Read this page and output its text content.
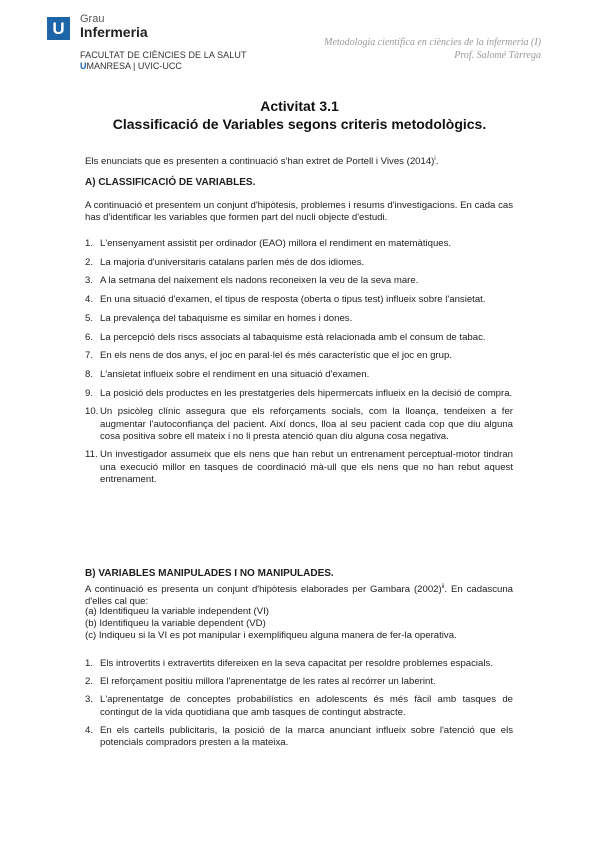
U	Grau
Infermeria
FACULTAT DE CIÈNCIES DE LA SALUT
UMANRESA | UVIC-UCC
Metodologia científica en ciències de la infermeria (I)
Prof. Salomé Tàrrega
Activitat 3.1
Classificació de Variables segons criteris metodològics.
Els enunciats que es presenten a continuació s'han extret de Portell i Vives $(2014)^i$.
A) CLASSIFICACIÓ DE VARIABLES.
A continuació et presentem un conjunt d'hipòtesis, problemes i resums d'investigacions. En cada cas has d'identificar les variables que formen part del nucli objecte d'estudi.
1. L'ensenyament assistit per ordinador (EAO) millora el rendiment en matemàtiques.
2. La majoria d'universitaris catalans parlen més de dos idiomes.
3. A la setmana del naixement els nadons reconeixen la veu de la seva mare.
4. En una situació d'examen, el tipus de resposta (oberta o tipus test) influeix sobre l'ansietat.
5. La prevalença del tabaquisme es similar en homes i dones.
6. La percepció dels riscs associats al tabaquisme està relacionada amb el consum de tabac.
7. En els nens de dos anys, el joc en paral·lel és més característic que el joc en grup.
8. L'ansietat influeix sobre el rendiment en una situació d'examen.
9. La posició dels productes en les prestatgeries dels hipermercats influeix en la decisió de compra.
10. Un psicòleg clínic assegura que els reforçaments socials, com la lloança, tendeixen a fer augmentar l'autoconfiança del pacient. Així doncs, lloa al seu pacient cada cop que diu alguna cosa positiva sobre ell mateix i no li presta atenció quan diu alguna cosa negativa.
11. Un investigador assumeix que els nens que han rebut un entrenament perceptual-motor tindran una execució millor en tasques de coordinació mà-ull que els nens que no han rebut aquest entrenament.
B) VARIABLES MANIPULADES I NO MANIPULADES.
A continuació es presenta un conjunt d'hipòtesis elaborades per Gambara $(2002)^{ii}$. En cadascuna d'elles cal que:
(a) Identifiqueu la variable independent (VI)
(b) Identifiqueu la variable dependent (VD)
(c) Indiqueu si la VI es pot manipular i exemplifiqueu alguna manera de fer-la operativa.
1. Els introvertits i extravertits difereixen en la seva capacitat per resoldre problemes espacials.
2. El reforçament positiu millora l'aprenentatge de les rates al recórrer un laberint.
3. L'aprenentatge de conceptes probabilístics en adolescents és més fàcil amb tasques de contingut de la vida quotidiana que amb tasques de contingut abstracte.
4. En els cartells publicitaris, la posició de la marca anunciant influeix sobre l'atenció que els potencials compradors presten a la mateixa.
